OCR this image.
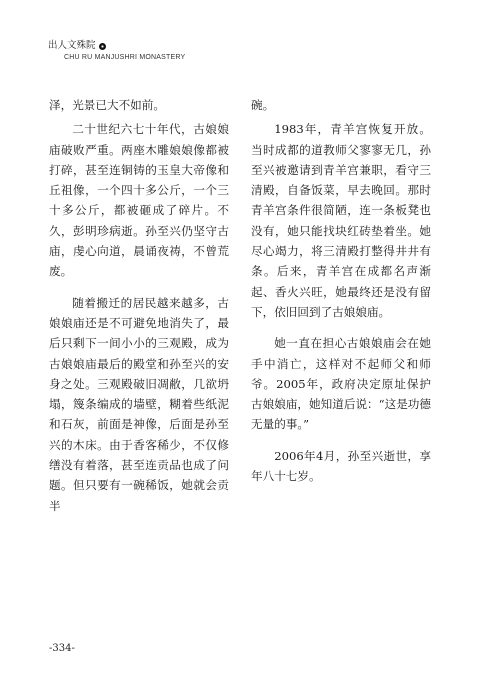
出人文殊院
CHU RU MANJUSHRI MONASTERY

泽，光景已大不如前。

二十世纪六七十年代，古娘娘庙破败严重。两座木雕娘娘像都被打碎，甚至连铜铸的玉皇大帝像和丘祖像，一个四十多公斤，一个三十多公斤，都被砸成了碎片。不久，彭明珍病逝。孙至兴仍坚守古庙，虔心向道，晨诵夜祷，不曾荒废。

随着搬迁的居民越来越多，古娘娘庙还是不可避免地消失了，最后只剩下一间小小的三观殿，成为古娘娘庙最后的殿堂和孙至兴的安身之处。三观殿破旧凋敝，几欲坍塌，篾条编成的墙壁，糊着些纸泥和石灰，前面是神像，后面是孙至兴的木床。由于香客稀少，不仅修缮没有着落，甚至连贡品也成了问题。但只要有一碗稀饭，她就会贡半

碗。

1983年，青羊宫恢复开放。当时成都的道教师父寥寥无几，孙至兴被邀请到青羊宫兼职，看守三清殿，自备饭菜，早去晚回。那时青羊宫条件很简陋，连一条板凳也没有，她只能找块红砖垫着坐。她尽心竭力，将三清殿打整得井井有条。后来，青羊宫在成都名声渐起、香火兴旺，她最终还是没有留下，依旧回到了古娘娘庙。

她一直在担心古娘娘庙会在她手中消亡，这样对不起师父和师爷。2005年，政府决定原址保护古娘娘庙，她知道后说：“这是功德无量的事。”

2006年4月，孙至兴逝世，享年八十七岁。

-334-
